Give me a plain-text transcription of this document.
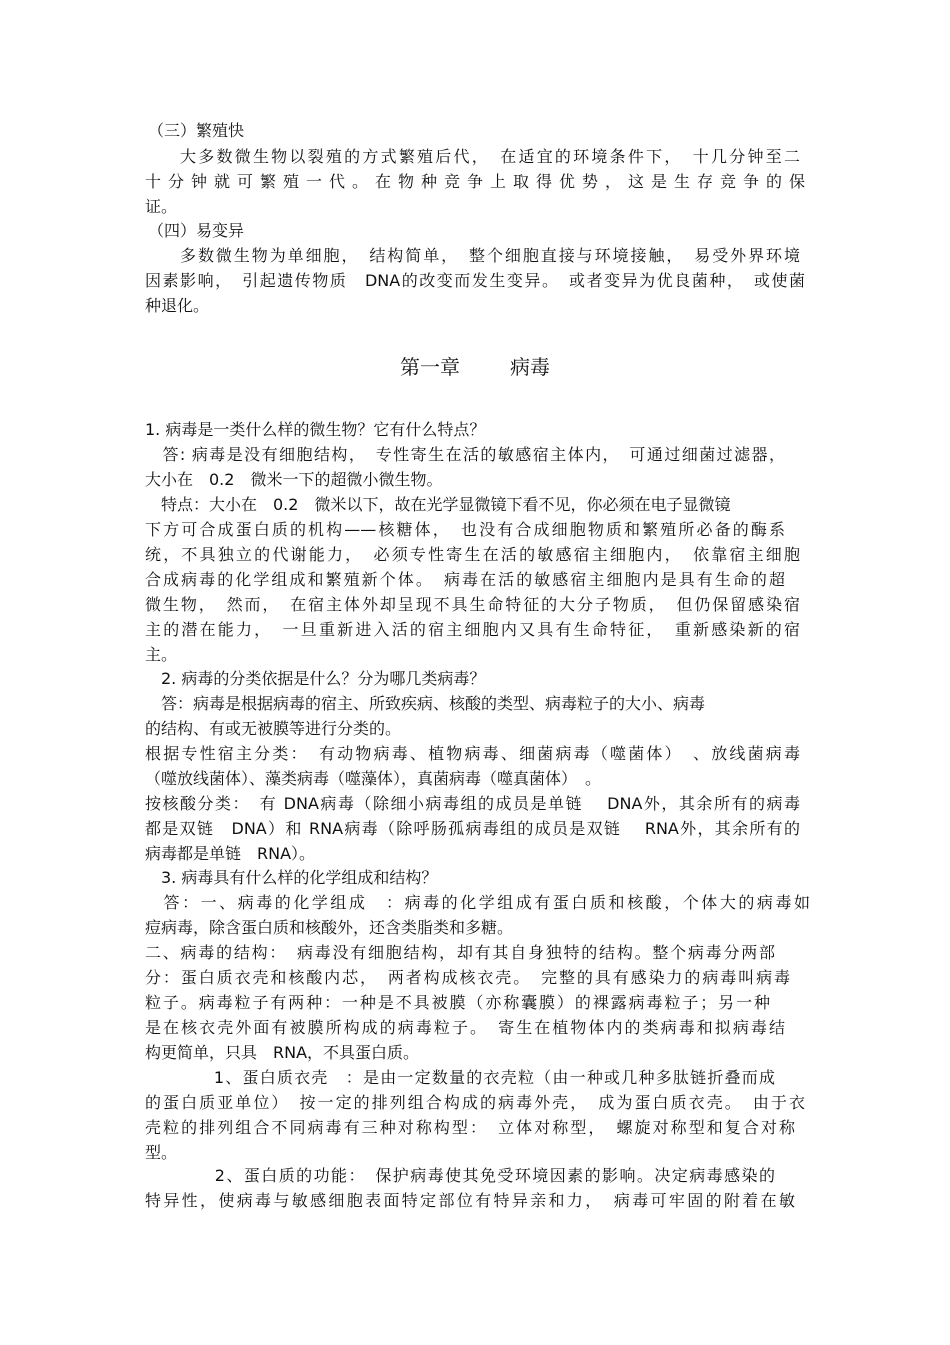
（三）繁殖快
大多数微生物以裂殖的方式繁殖后代，　在适宜的环境条件下，　十几分钟至二
十分钟就可繁殖一代。在物种竞争上取得优势，这是生存竞争的保
证。
（四）易变异
多数微生物为单细胞，　结构简单，　整个细胞直接与环境接触，　易受外界环境
因素影响，　引起遗传物质　DNA的改变而发生变异。　或者变异为优良菌种，　或使菌
种退化。
第一章	病毒
1. 病毒是一类什么样的微生物？它有什么特点？
　答: 病毒是没有细胞结构，　专性寄生在活的敏感宿主体内，　可通过细菌过滤器，
大小在　0.2　微米一下的超微小微生物。
　特点：大小在　0.2　微米以下，故在光学显微镜下看不见，你必须在电子显微镜
下方可合成蛋白质的机构——核糖体，　也没有合成细胞物质和繁殖所必备的酶系
统，不具独立的代谢能力，　必须专性寄生在活的敏感宿主细胞内，　依靠宿主细胞
合成病毒的化学组成和繁殖新个体。　病毒在活的敏感宿主细胞内是具有生命的超
微生物，　然而，　在宿主体外却呈现不具生命特征的大分子物质，　但仍保留感染宿
主的潜在能力，　一旦重新进入活的宿主细胞内又具有生命特征，　重新感染新的宿
主。
　2. 病毒的分类依据是什么？分为哪几类病毒？
　答：病毒是根据病毒的宿主、所致疾病、核酸的类型、病毒粒子的大小、病毒
的结构、有或无被膜等进行分类的。
根据专性宿主分类：　有动物病毒、植物病毒、细菌病毒（噬菌体）　、放线菌病毒
（噬放线菌体）、藻类病毒（噬藻体），真菌病毒（噬真菌体）　。
按核酸分类：　有 DNA病毒（除细小病毒组的成员是单链　 DNA外，其余所有的病毒
都是双链　DNA）和 RNA病毒（除呼肠孤病毒组的成员是双链　 RNA外，其余所有的
病毒都是单链　RNA）。
　3. 病毒具有什么样的化学组成和结构？
　答：一、病毒的化学组成　：病毒的化学组成有蛋白质和核酸，个体大的病毒如
痘病毒，除含蛋白质和核酸外，还含类脂类和多糖。
二、病毒的结构：　病毒没有细胞结构，却有其自身独特的结构。整个病毒分两部
分：蛋白质衣壳和核酸内芯，　两者构成核衣壳。　完整的具有感染力的病毒叫病毒
粒子。病毒粒子有两种：一种是不具被膜（亦称囊膜）的裸露病毒粒子；另一种
是在核衣壳外面有被膜所构成的病毒粒子。　寄生在植物体内的类病毒和拟病毒结
构更简单，只具　RNA，不具蛋白质。
　　　　1、蛋白质衣壳　：是由一定数量的衣壳粒（由一种或几种多肽链折叠而成
的蛋白质亚单位）　按一定的排列组合构成的病毒外壳，　成为蛋白质衣壳。　由于衣
壳粒的排列组合不同病毒有三种对称构型：　立体对称型，　螺旋对称型和复合对称
型。
　　　　2、蛋白质的功能：　保护病毒使其免受环境因素的影响。决定病毒感染的
特异性，使病毒与敏感细胞表面特定部位有特异亲和力，　病毒可牢固的附着在敏
